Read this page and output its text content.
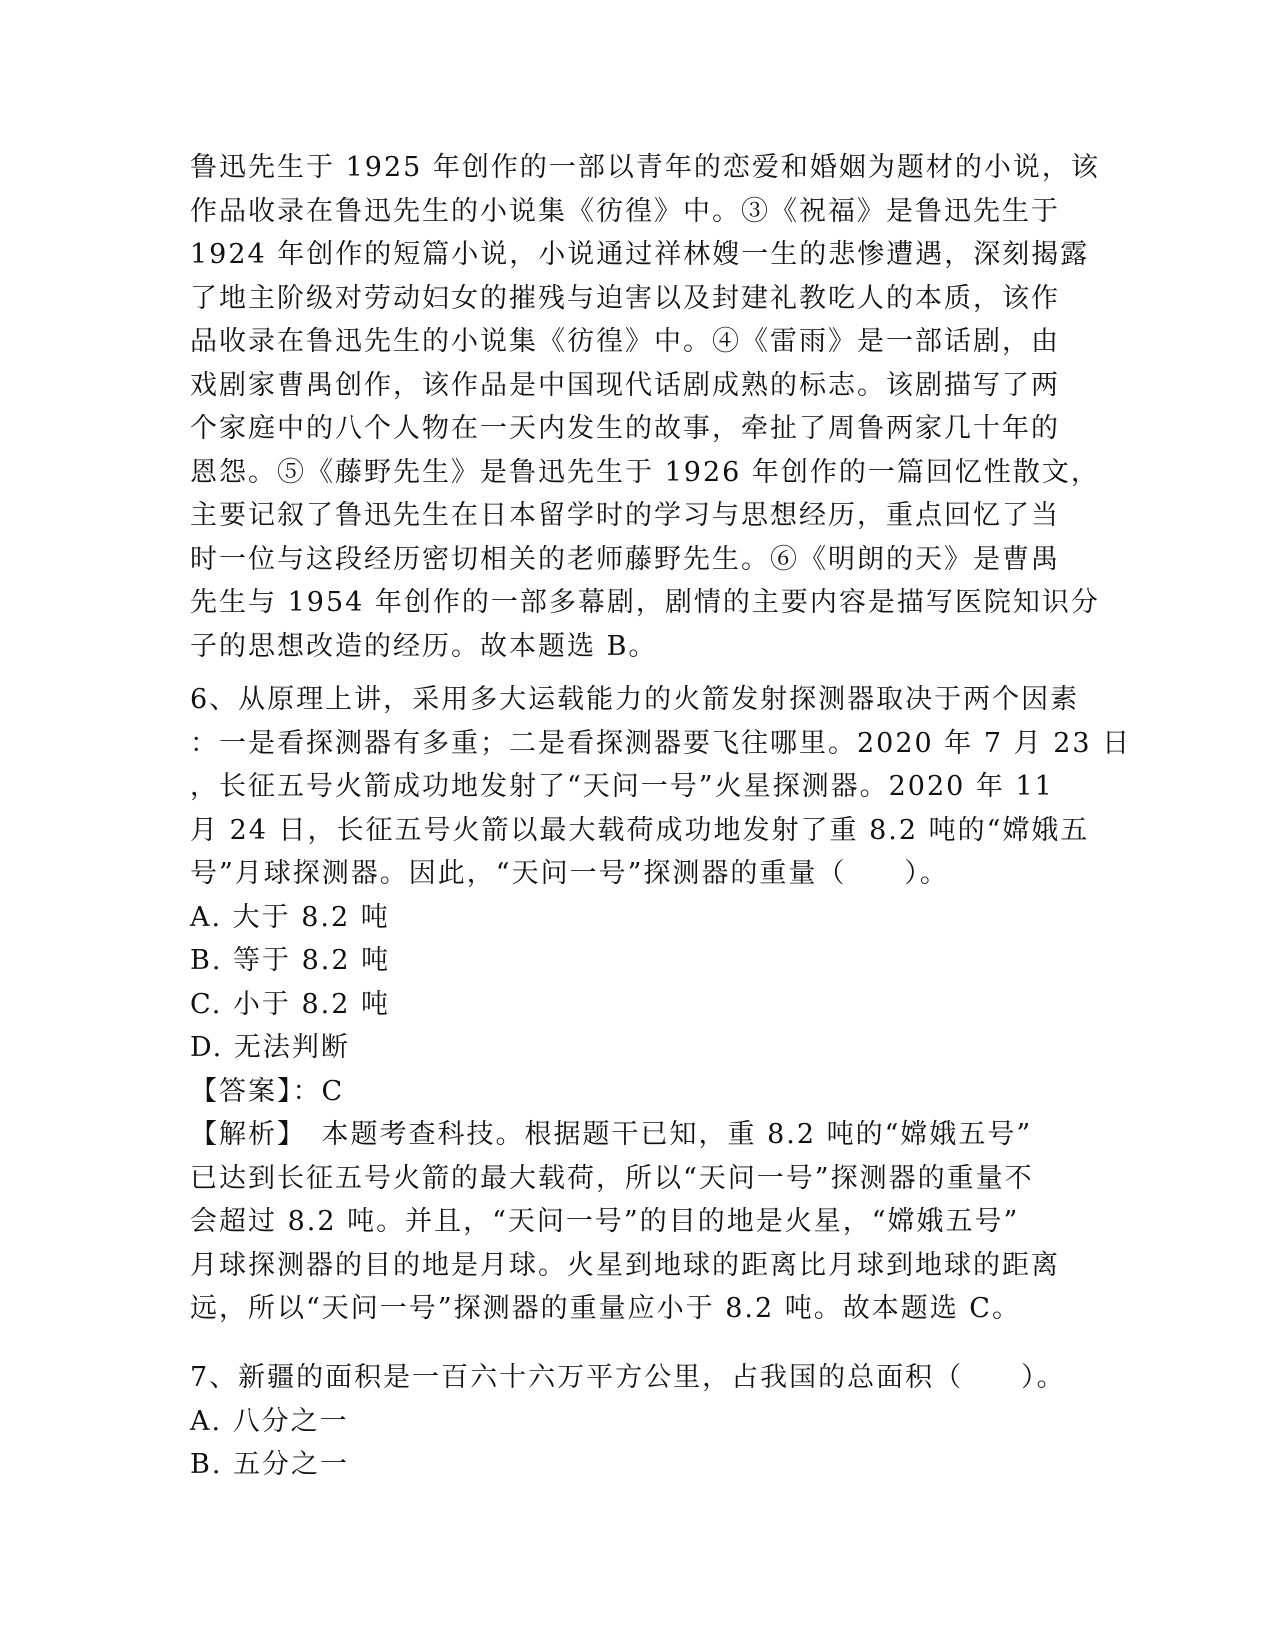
鲁迅先生于 1925 年创作的一部以青年的恋爱和婚姻为题材的小说，该
作品收录在鲁迅先生的小说集《彷徨》中。③《祝福》是鲁迅先生于
1924 年创作的短篇小说，小说通过祥林嫂一生的悲惨遭遇，深刻揭露
了地主阶级对劳动妇女的摧残与迫害以及封建礼教吃人的本质，该作
品收录在鲁迅先生的小说集《彷徨》中。④《雷雨》是一部话剧，由
戏剧家曹禺创作，该作品是中国现代话剧成熟的标志。该剧描写了两
个家庭中的八个人物在一天内发生的故事，牵扯了周鲁两家几十年的
恩怨。⑤《藤野先生》是鲁迅先生于 1926 年创作的一篇回忆性散文，
主要记叙了鲁迅先生在日本留学时的学习与思想经历，重点回忆了当
时一位与这段经历密切相关的老师藤野先生。⑥《明朗的天》是曹禺
先生与 1954 年创作的一部多幕剧，剧情的主要内容是描写医院知识分
子的思想改造的经历。故本题选 B。
6、从原理上讲，采用多大运载能力的火箭发射探测器取决于两个因素
：一是看探测器有多重；二是看探测器要飞往哪里。2020 年 7 月 23 日
，长征五号火箭成功地发射了“天问一号”火星探测器。2020 年 11
月 24 日，长征五号火箭以最大载荷成功地发射了重 8.2 吨的“嫦娥五
号”月球探测器。因此，“天问一号”探测器的重量（　　）。
A. 大于 8.2 吨
B. 等于 8.2 吨
C. 小于 8.2 吨
D. 无法判断
【答案】：C
【解析】　本题考查科技。根据题干已知，重 8.2 吨的“嫦娥五号”
已达到长征五号火箭的最大载荷，所以“天问一号”探测器的重量不
会超过 8.2 吨。并且，“天问一号”的目的地是火星，“嫦娥五号”
月球探测器的目的地是月球。火星到地球的距离比月球到地球的距离
远，所以“天问一号”探测器的重量应小于 8.2 吨。故本题选 C。
7、新疆的面积是一百六十六万平方公里，占我国的总面积（　　）。
A. 八分之一
B. 五分之一
